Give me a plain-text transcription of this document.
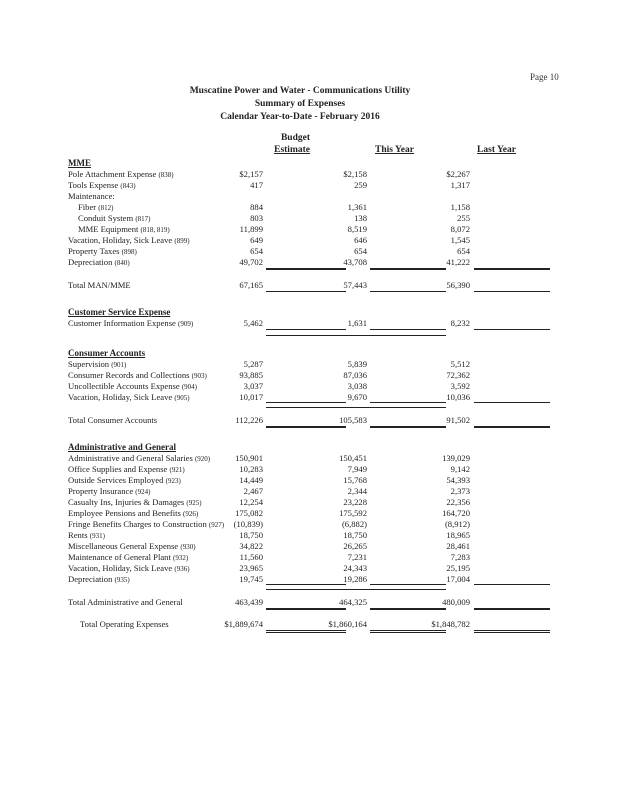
Page 10
Muscatine Power and Water - Communications Utility
Summary of Expenses
Calendar Year-to-Date - February 2016
Budget
Estimate	This Year	Last Year
MME
Pole Attachment Expense (838)	$2,157	$2,158	$2,267
Tools Expense (843)	417	259	1,317
Maintenance:
Fiber (812)	884	1,361	1,158
Conduit System (817)	803	138	255
MME Equipment (818, 819)	11,899	8,519	8,072
Vacation, Holiday, Sick Leave (899)	649	646	1,545
Property Taxes (898)	654	654	654
Depreciation (840)	49,702	43,708	41,222
Total MAN/MME	67,165	57,443	56,390
Customer Service Expense
Customer Information Expense (909)	5,462	1,631	8,232
Consumer Accounts
Supervision (901)	5,287	5,839	5,512
Consumer Records and Collections (903)	93,885	87,036	72,362
Uncollectible Accounts Expense (904)	3,037	3,038	3,592
Vacation, Holiday, Sick Leave (905)	10,017	9,670	10,036
Total Consumer Accounts	112,226	105,583	91,502
Administrative and General
Administrative and General Salaries (920)	150,901	150,451	139,029
Office Supplies and Expense (921)	10,283	7,949	9,142
Outside Services Employed (923)	14,449	15,768	54,393
Property Insurance (924)	2,467	2,344	2,373
Casualty Ins, Injuries & Damages (925)	12,254	23,228	22,356
Employee Pensions and Benefits (926)	175,082	175,592	164,720
Fringe Benefits Charges to Construction (927)	(10,839)	(6,882)	(8,912)
Rents (931)	18,750	18,750	18,965
Miscellaneous General Expense (930)	34,822	26,265	28,461
Maintenance of General Plant (932)	11,560	7,231	7,283
Vacation, Holiday, Sick Leave (936)	23,965	24,343	25,195
Depreciation (935)	19,745	19,286	17,004
Total Administrative and General	463,439	464,325	480,009
Total Operating Expenses	$1,889,674	$1,860,164	$1,848,782
